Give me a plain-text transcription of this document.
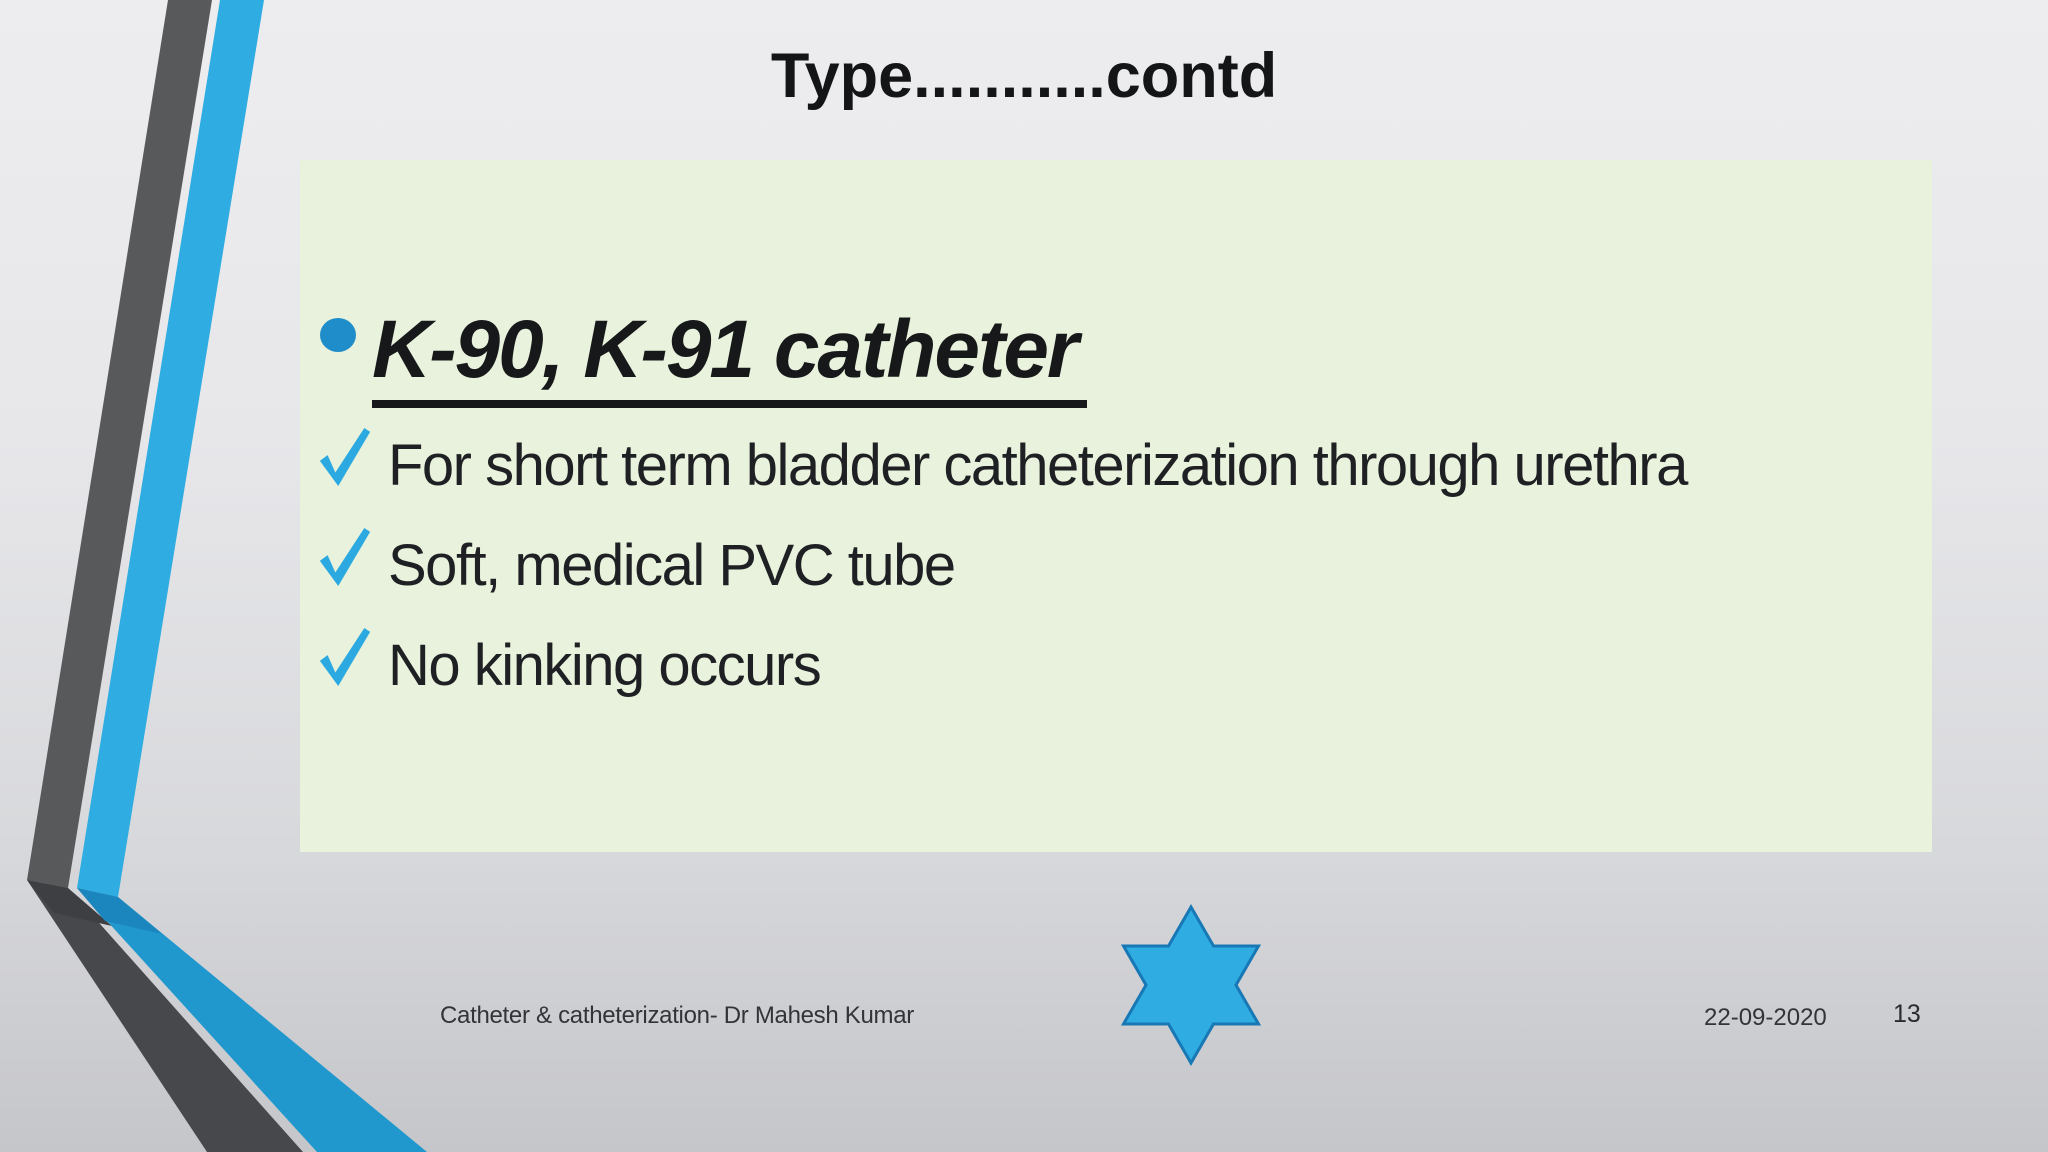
Type...........contd
K-90, K-91 catheter
For short term bladder catheterization through urethra
Soft, medical PVC tube
No kinking occurs
Catheter & catheterization- Dr Mahesh Kumar	22-09-2020	13
